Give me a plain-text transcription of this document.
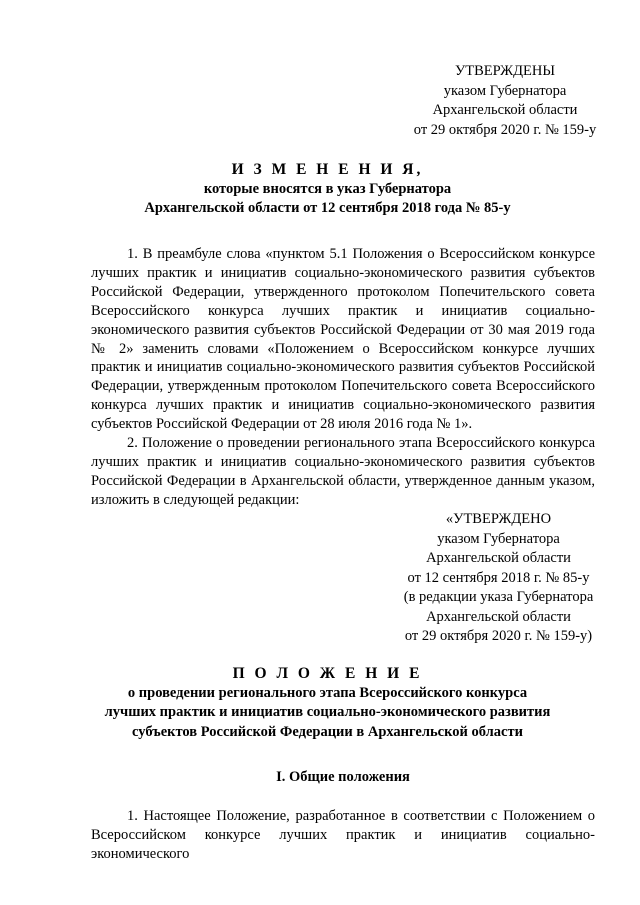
УТВЕРЖДЕНЫ
указом Губернатора
Архангельской области
от 29 октября 2020 г. № 159-у
И З М Е Н Е Н И Я,
которые вносятся в указ Губернатора
Архангельской области от 12 сентября 2018 года № 85-у

1. В преамбуле слова «пунктом 5.1 Положения о Всероссийском конкурсе лучших практик и инициатив социально-экономического развития субъектов Российской Федерации, утвержденного протоколом Попечительского совета Всероссийского конкурса лучших практик и инициатив социально-экономического развития субъектов Российской Федерации от 30 мая 2019 года № 2» заменить словами «Положением о Всероссийском конкурсе лучших практик и инициатив социально-экономического развития субъектов Российской Федерации, утвержденным протоколом Попечительского совета Всероссийского конкурса лучших практик и инициатив социально-экономического развития субъектов Российской Федерации от 28 июля 2016 года № 1».

2. Положение о проведении регионального этапа Всероссийского конкурса лучших практик и инициатив социально-экономического развития субъектов Российской Федерации в Архангельской области, утвержденное данным указом, изложить в следующей редакции:

«УТВЕРЖДЕНО
указом Губернатора
Архангельской области
от 12 сентября 2018 г. № 85-у
(в редакции указа Губернатора
Архангельской области
от 29 октября 2020 г. № 159-у)
П О Л О Ж Е Н И Е
о проведении регионального этапа Всероссийского конкурса
лучших практик и инициатив социально-экономического развития
субъектов Российской Федерации в Архангельской области
I. Общие положения

1. Настоящее Положение, разработанное в соответствии с Положением о Всероссийском конкурсе лучших практик и инициатив социально-экономического
